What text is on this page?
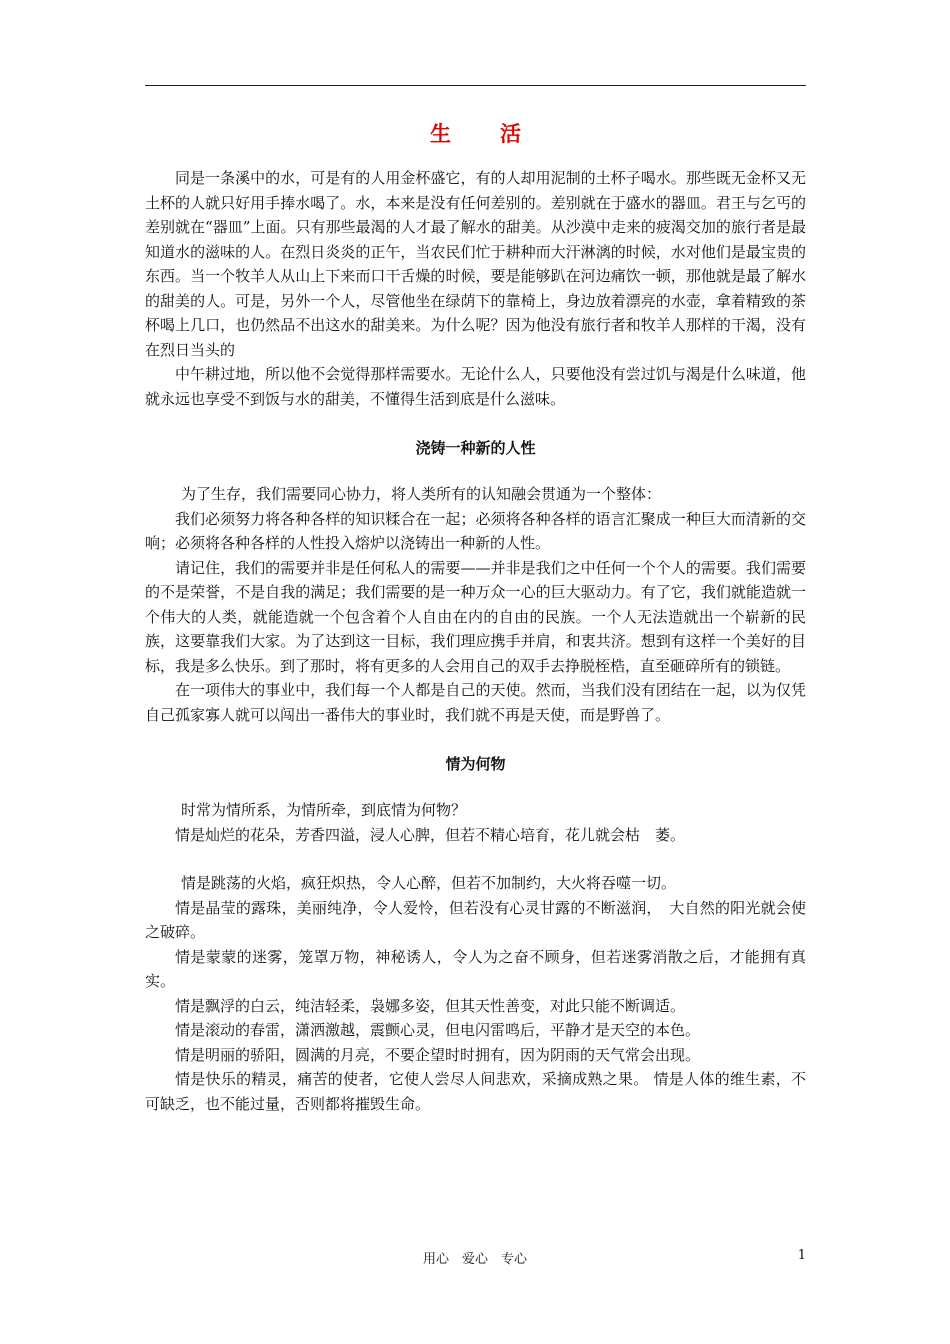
生　活

同是一条溪中的水，可是有的人用金杯盛它，有的人却用泥制的土杯子喝水。那些既无金杯又无土杯的人就只好用手捧水喝了。水，本来是没有任何差别的。差别就在于盛水的器皿。君王与乞丐的差别就在“器皿”上面。只有那些最渴的人才最了解水的甜美。从沙漠中走来的疲渴交加的旅行者是最知道水的滋味的人。在烈日炎炎的正午，当农民们忙于耕种而大汗淋漓的时候，水对他们是最宝贵的东西。当一个牧羊人从山上下来而口干舌燥的时候，要是能够趴在河边痛饮一顿，那他就是最了解水的甜美的人。可是，另外一个人，尽管他坐在绿荫下的靠椅上，身边放着漂亮的水壶，拿着精致的茶杯喝上几口，也仍然品不出这水的甜美来。为什么呢？因为他没有旅行者和牧羊人那样的干渴，没有在烈日当头的

中午耕过地，所以他不会觉得那样需要水。无论什么人，只要他没有尝过饥与渴是什么味道，他就永远也享受不到饭与水的甜美，不懂得生活到底是什么滋味。

浇铸一种新的人性

为了生存，我们需要同心协力，将人类所有的认知融会贯通为一个整体：

我们必须努力将各种各样的知识糅合在一起；必须将各种各样的语言汇聚成一种巨大而清新的交响；必须将各种各样的人性投入熔炉以浇铸出一种新的人性。

请记住，我们的需要并非是任何私人的需要——并非是我们之中任何一个个人的需要。我们需要的不是荣誉，不是自我的满足；我们需要的是一种万众一心的巨大驱动力。有了它，我们就能造就一个伟大的人类，就能造就一个包含着个人自由在内的自由的民族。一个人无法造就出一个崭新的民族，这要靠我们大家。为了达到这一目标，我们理应携手并肩，和衷共济。想到有这样一个美好的目标，我是多么快乐。到了那时，将有更多的人会用自己的双手去挣脱桎梏，直至砸碎所有的锁链。

在一项伟大的事业中，我们每一个人都是自己的天使。然而，当我们没有团结在一起，以为仅凭自己孤家寡人就可以闯出一番伟大的事业时，我们就不再是天使，而是野兽了。

情为何物

时常为情所系，为情所牵，到底情为何物？

情是灿烂的花朵，芳香四溢，浸人心脾，但若不精心培育，花儿就会枯　萎。

情是跳荡的火焰，疯狂炽热，令人心醉，但若不加制约，大火将吞噬一切。

情是晶莹的露珠，美丽纯净，令人爱怜，但若没有心灵甘露的不断滋润，　大自然的阳光就会使之破碎。

情是蒙蒙的迷雾，笼罩万物，神秘诱人，令人为之奋不顾身，但若迷雾消散之后，才能拥有真实。

情是飘浮的白云，纯洁轻柔，袅娜多姿，但其天性善变，对此只能不断调适。

情是滚动的春雷，潇洒激越，震颤心灵，但电闪雷鸣后，平静才是天空的本色。

情是明丽的骄阳，圆满的月亮，不要企望时时拥有，因为阴雨的天气常会出现。

情是快乐的精灵，痛苦的使者，它使人尝尽人间悲欢，采摘成熟之果。 情是人体的维生素，不可缺乏，也不能过量，否则都将摧毁生命。

用心　爱心　专心	1
